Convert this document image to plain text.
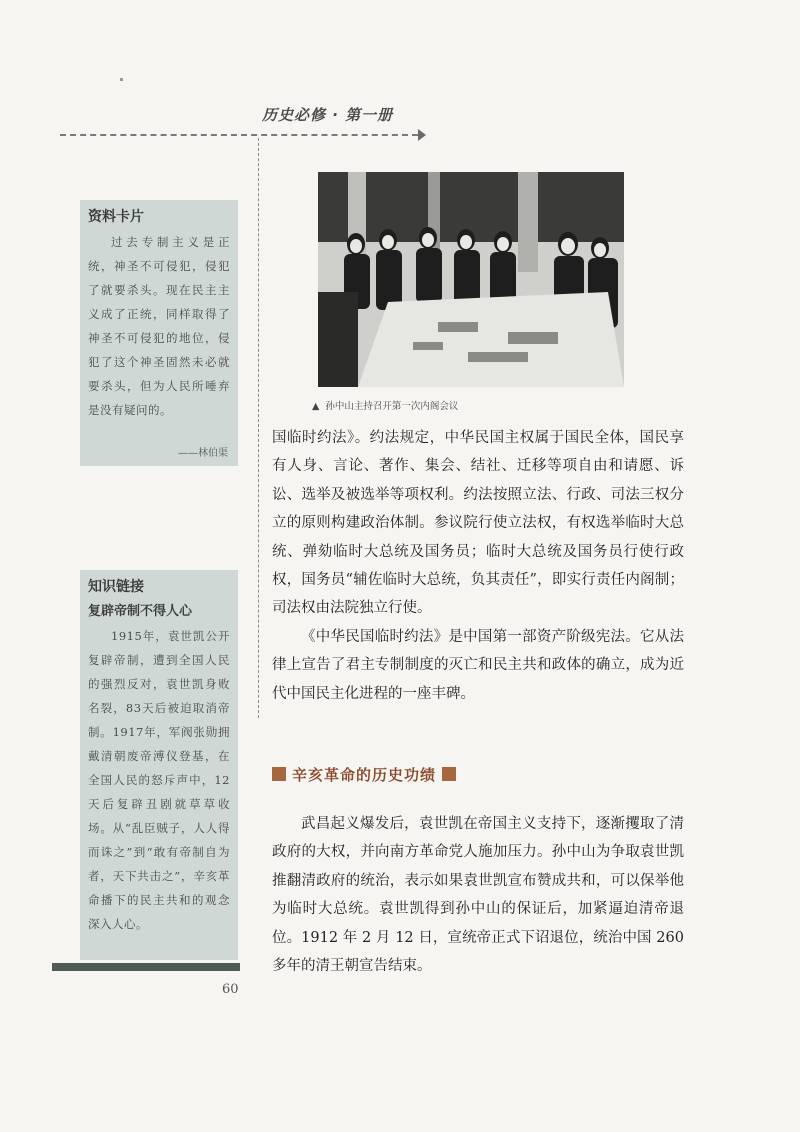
历史必修 · 第一册
资料卡片
过去专制主义是正统，神圣不可侵犯，侵犯了就要杀头。现在民主主义成了正统，同样取得了神圣不可侵犯的地位，侵犯了这个神圣固然未必就要杀头，但为人民所唾弃是没有疑问的。
——林伯渠
知识链接
复辟帝制不得人心
1915年，袁世凯公开复辟帝制，遭到全国人民的强烈反对，袁世凯身败名裂，83天后被迫取消帝制。1917年，军阀张勋拥戴清朝废帝溥仪登基，在全国人民的怒斥声中，12天后复辟丑剧就草草收场。从“乱臣贼子，人人得而诛之”到“敢有帝制自为者，天下共击之”，辛亥革命播下的民主共和的观念深入人心。
60
▲ 孙中山主持召开第一次内阁会议

国临时约法》。约法规定，中华民国主权属于国民全体，国民享有人身、言论、著作、集会、结社、迁移等项自由和请愿、诉讼、选举及被选举等项权利。约法按照立法、行政、司法三权分立的原则构建政治体制。参议院行使立法权，有权选举临时大总统、弹劾临时大总统及国务员；临时大总统及国务员行使行政权，国务员“辅佐临时大总统，负其责任”，即实行责任内阁制；司法权由法院独立行使。

《中华民国临时约法》是中国第一部资产阶级宪法。它从法律上宣告了君主专制制度的灭亡和民主共和政体的确立，成为近代中国民主化进程的一座丰碑。

辛亥革命的历史功绩

武昌起义爆发后，袁世凯在帝国主义支持下，逐渐攫取了清政府的大权，并向南方革命党人施加压力。孙中山为争取袁世凯推翻清政府的统治，表示如果袁世凯宣布赞成共和，可以保举他为临时大总统。袁世凯得到孙中山的保证后，加紧逼迫清帝退位。1912 年 2 月 12 日，宣统帝正式下诏退位，统治中国 260 多年的清王朝宣告结束。
